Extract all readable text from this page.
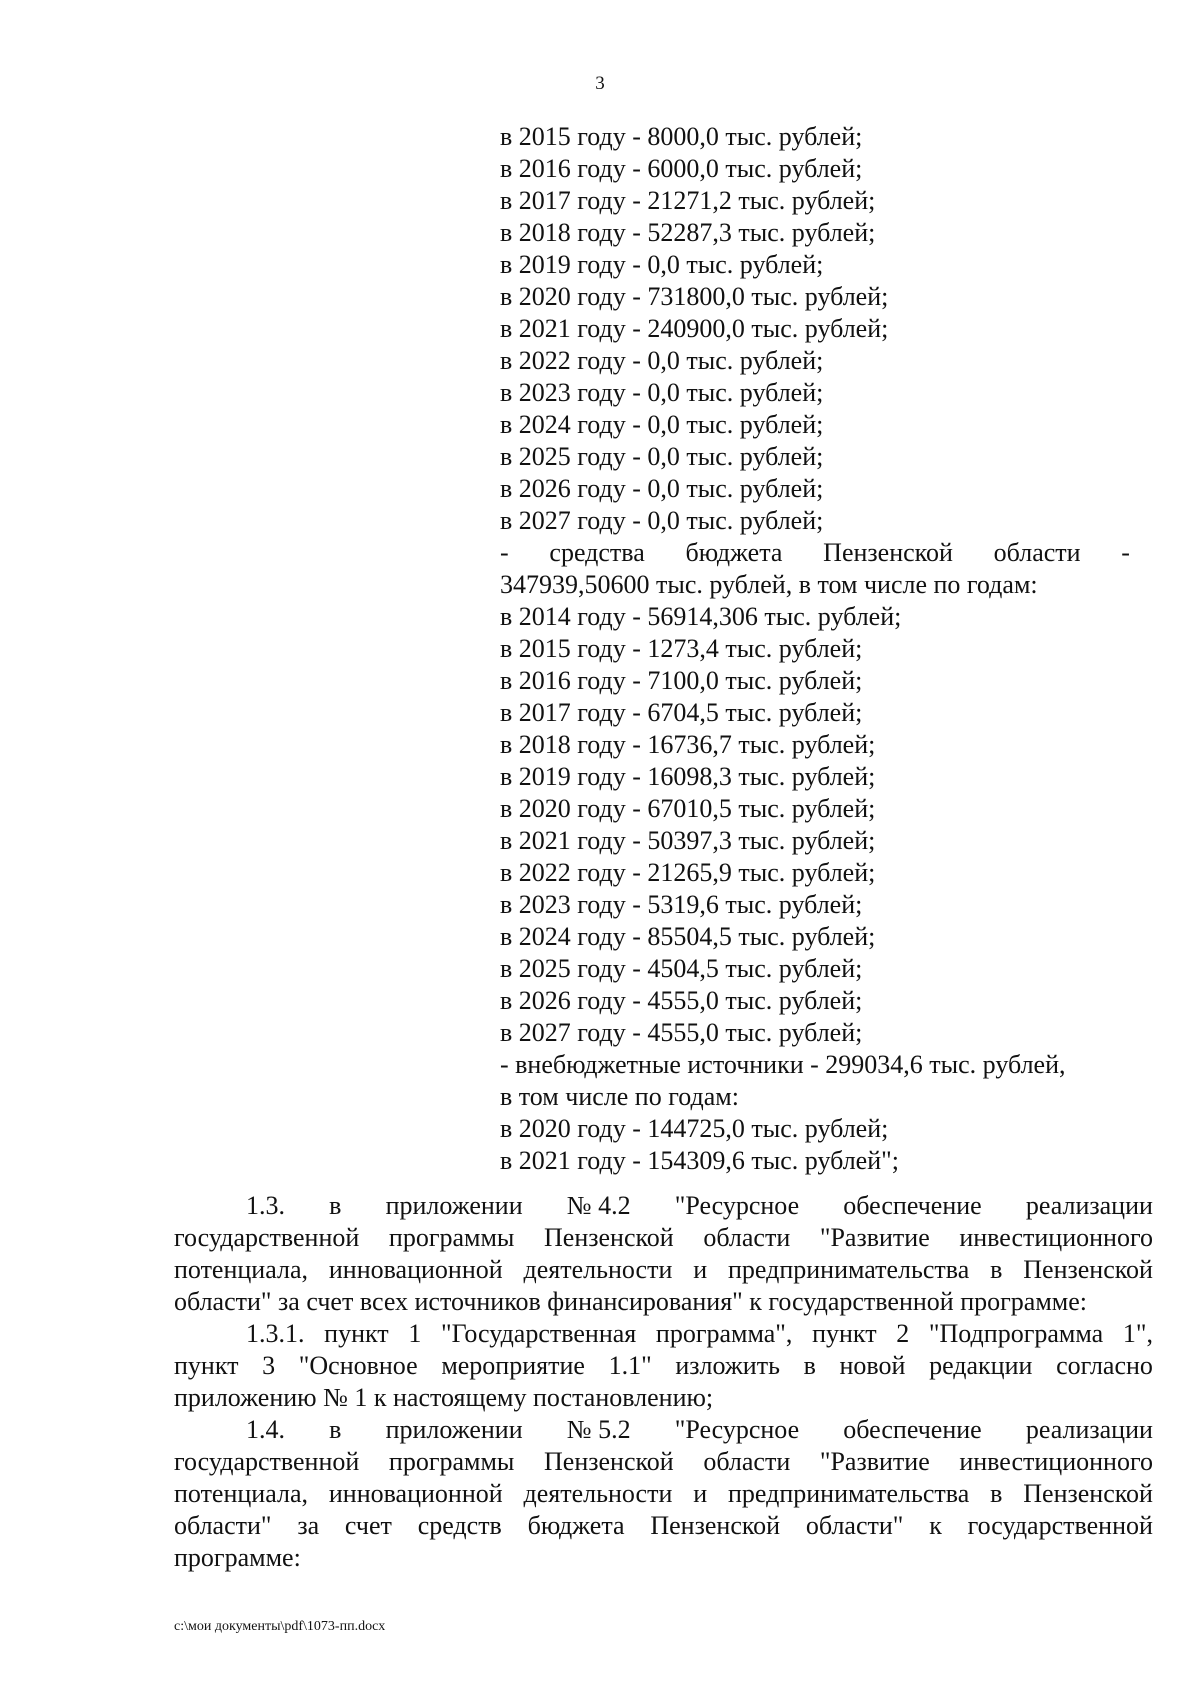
3
в 2015 году - 8000,0 тыс. рублей;
в 2016 году - 6000,0 тыс. рублей;
в 2017 году - 21271,2 тыс. рублей;
в 2018 году - 52287,3 тыс. рублей;
в 2019 году - 0,0 тыс. рублей;
в 2020 году - 731800,0 тыс. рублей;
в 2021 году - 240900,0 тыс. рублей;
в 2022 году - 0,0 тыс. рублей;
в 2023 году - 0,0 тыс. рублей;
в 2024 году - 0,0 тыс. рублей;
в 2025 году - 0,0 тыс. рублей;
в 2026 году - 0,0 тыс. рублей;
в 2027 году - 0,0 тыс. рублей;
- средства бюджета Пензенской области -
347939,50600 тыс. рублей, в том числе по годам:
в 2014 году - 56914,306 тыс. рублей;
в 2015 году - 1273,4 тыс. рублей;
в 2016 году - 7100,0 тыс. рублей;
в 2017 году - 6704,5 тыс. рублей;
в 2018 году - 16736,7 тыс. рублей;
в 2019 году - 16098,3 тыс. рублей;
в 2020 году - 67010,5 тыс. рублей;
в 2021 году - 50397,3 тыс. рублей;
в 2022 году - 21265,9 тыс. рублей;
в 2023 году - 5319,6 тыс. рублей;
в 2024 году - 85504,5 тыс. рублей;
в 2025 году - 4504,5 тыс. рублей;
в 2026 году - 4555,0 тыс. рублей;
в 2027 году - 4555,0 тыс. рублей;
- внебюджетные источники - 299034,6 тыс. рублей,
в том числе по годам:
в 2020 году - 144725,0 тыс. рублей;
в 2021 году - 154309,6 тыс. рублей";
1.3. в приложении № 4.2 "Ресурсное обеспечение реализации
государственной программы Пензенской области "Развитие инвестиционного
потенциала, инновационной деятельности и предпринимательства в Пензенской
области" за счет всех источников финансирования" к государственной программе:
1.3.1. пункт 1 "Государственная программа", пункт 2 "Подпрограмма 1",
пункт 3 "Основное мероприятие 1.1" изложить в новой редакции согласно
приложению № 1 к настоящему постановлению;
1.4. в приложении № 5.2 "Ресурсное обеспечение реализации
государственной программы Пензенской области "Развитие инвестиционного
потенциала, инновационной деятельности и предпринимательства в Пензенской
области" за счет средств бюджета Пензенской области" к государственной
программе:
c:\мои документы\pdf\1073-пп.docx
